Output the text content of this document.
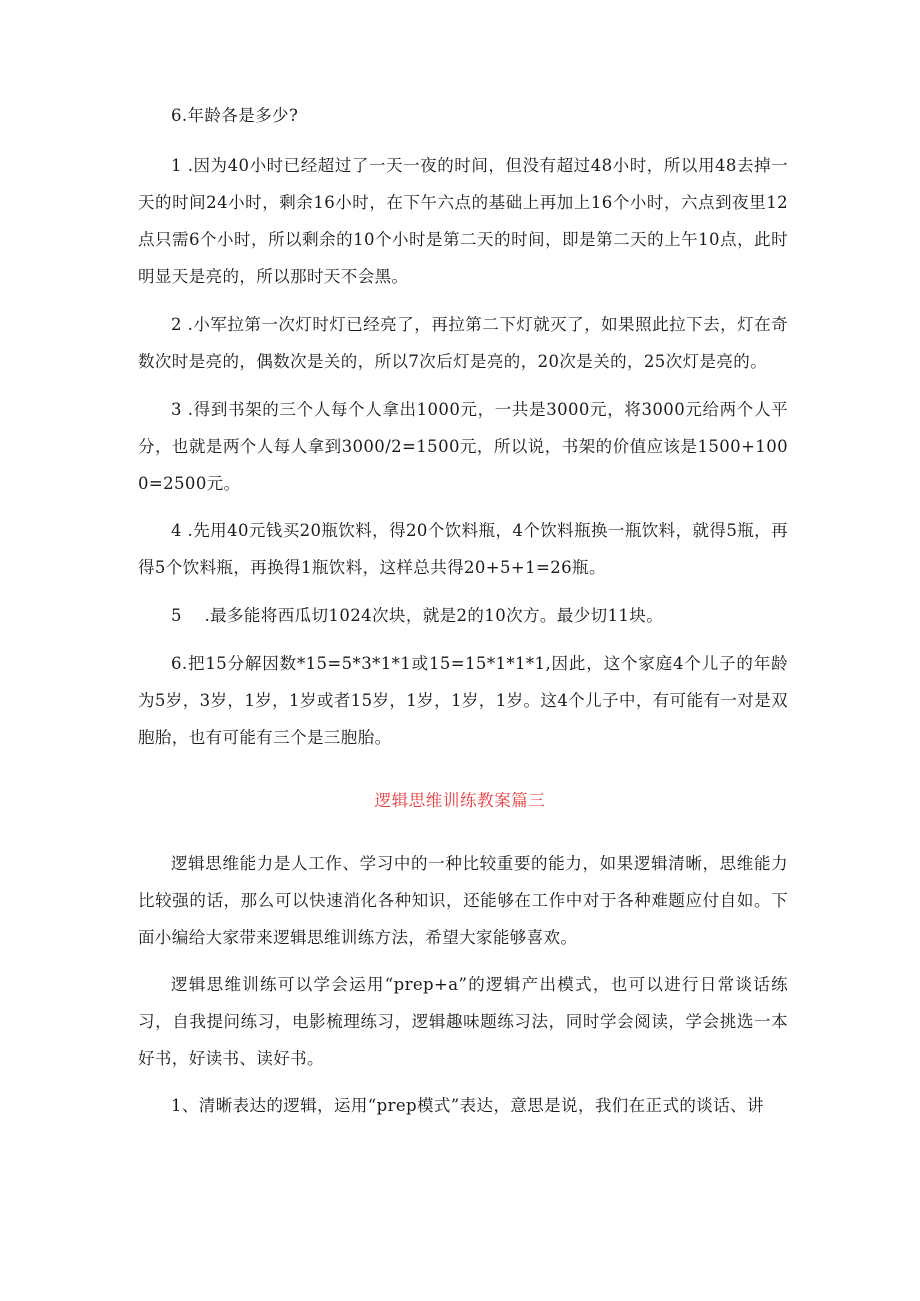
6.年龄各是多少?

1 .因为40小时已经超过了一天一夜的时间，但没有超过48小时，所以用48去掉一天的时间24小时，剩余16小时，在下午六点的基础上再加上16个小时，六点到夜里12点只需6个小时，所以剩余的10个小时是第二天的时间，即是第二天的上午10点，此时明显天是亮的，所以那时天不会黑。

2 .小军拉第一次灯时灯已经亮了，再拉第二下灯就灭了，如果照此拉下去，灯在奇数次时是亮的，偶数次是关的，所以7次后灯是亮的，20次是关的，25次灯是亮的。

3 .得到书架的三个人每个人拿出1000元，一共是3000元，将3000元给两个人平分，也就是两个人每人拿到3000/2=1500元，所以说，书架的价值应该是1500+1000=2500元。

4 .先用40元钱买20瓶饮料，得20个饮料瓶，4个饮料瓶换一瓶饮料，就得5瓶，再得5个饮料瓶，再换得1瓶饮料，这样总共得20+5+1=26瓶。

5    .最多能将西瓜切1024次块，就是2的10次方。最少切11块。

6.把15分解因数*15=5*3*1*1或15=15*1*1*1,因此，这个家庭4个儿子的年龄为5岁，3岁，1岁，1岁或者15岁，1岁，1岁，1岁。这4个儿子中，有可能有一对是双胞胎，也有可能有三个是三胞胎。

逻辑思维训练教案篇三

逻辑思维能力是人工作、学习中的一种比较重要的能力，如果逻辑清晰，思维能力比较强的话，那么可以快速消化各种知识，还能够在工作中对于各种难题应付自如。下面小编给大家带来逻辑思维训练方法，希望大家能够喜欢。

逻辑思维训练可以学会运用“prep+a”的逻辑产出模式，也可以进行日常谈话练习，自我提问练习，电影梳理练习，逻辑趣味题练习法，同时学会阅读，学会挑选一本好书，好读书、读好书。

1、清晰表达的逻辑，运用“prep模式”表达，意思是说，我们在正式的谈话、讲
